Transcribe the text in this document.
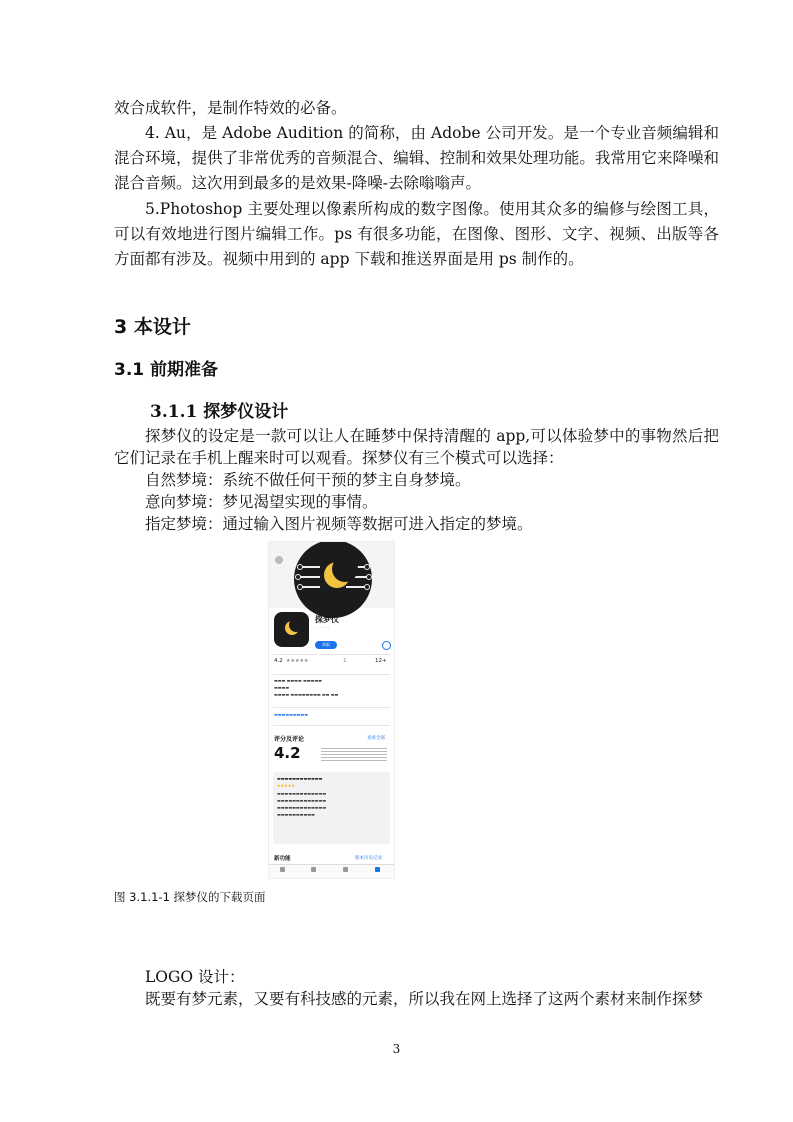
效合成软件，是制作特效的必备。

4. Au，是 Adobe Audition 的简称，由 Adobe 公司开发。是一个专业音频编辑和混合环境，提供了非常优秀的音频混合、编辑、控制和效果处理功能。我常用它来降噪和混合音频。这次用到最多的是效果-降噪-去除嗡嗡声。

5.Photoshop 主要处理以像素所构成的数字图像。使用其众多的编修与绘图工具，可以有效地进行图片编辑工作。ps 有很多功能，在图像、图形、文字、视频、出版等各方面都有涉及。视频中用到的 app 下载和推送界面是用 ps 制作的。

3 本设计
3.1 前期准备
3.1.1 探梦仪设计

探梦仪的设定是一款可以让人在睡梦中保持清醒的 app,可以体验梦中的事物然后把它们记录在手机上醒来时可以观看。探梦仪有三个模式可以选择：

自然梦境：系统不做任何干预的梦主自身梦境。

意向梦境：梦见渴望实现的事情。

指定梦境：通过输入图片视频等数据可进入指定的梦境。

探梦仪
· · · · · ·
获取
4.2 ★★★★★	1	12+
▬▬▬ ▬▬▬▬ ▬▬▬▬▬
▬▬▬▬
▬▬▬▬ ▬▬▬▬▬▬▬▬ ▬▬ ▬▬
▬▬▬▬▬▬▬▬▬
评分及评论	查看全部
4.2
▬▬▬▬▬▬▬▬▬▬▬▬
★★★★★
▬▬▬▬▬▬▬▬▬▬▬▬▬
▬▬▬▬▬▬▬▬▬▬▬▬▬
▬▬▬▬▬▬▬▬▬▬▬▬▬
▬▬▬▬▬▬▬▬▬▬
新功能	版本历史记录
图 3.1.1-1 探梦仪的下载页面

LOGO 设计：

既要有梦元素，又要有科技感的元素，所以我在网上选择了这两个素材来制作探梦

3
